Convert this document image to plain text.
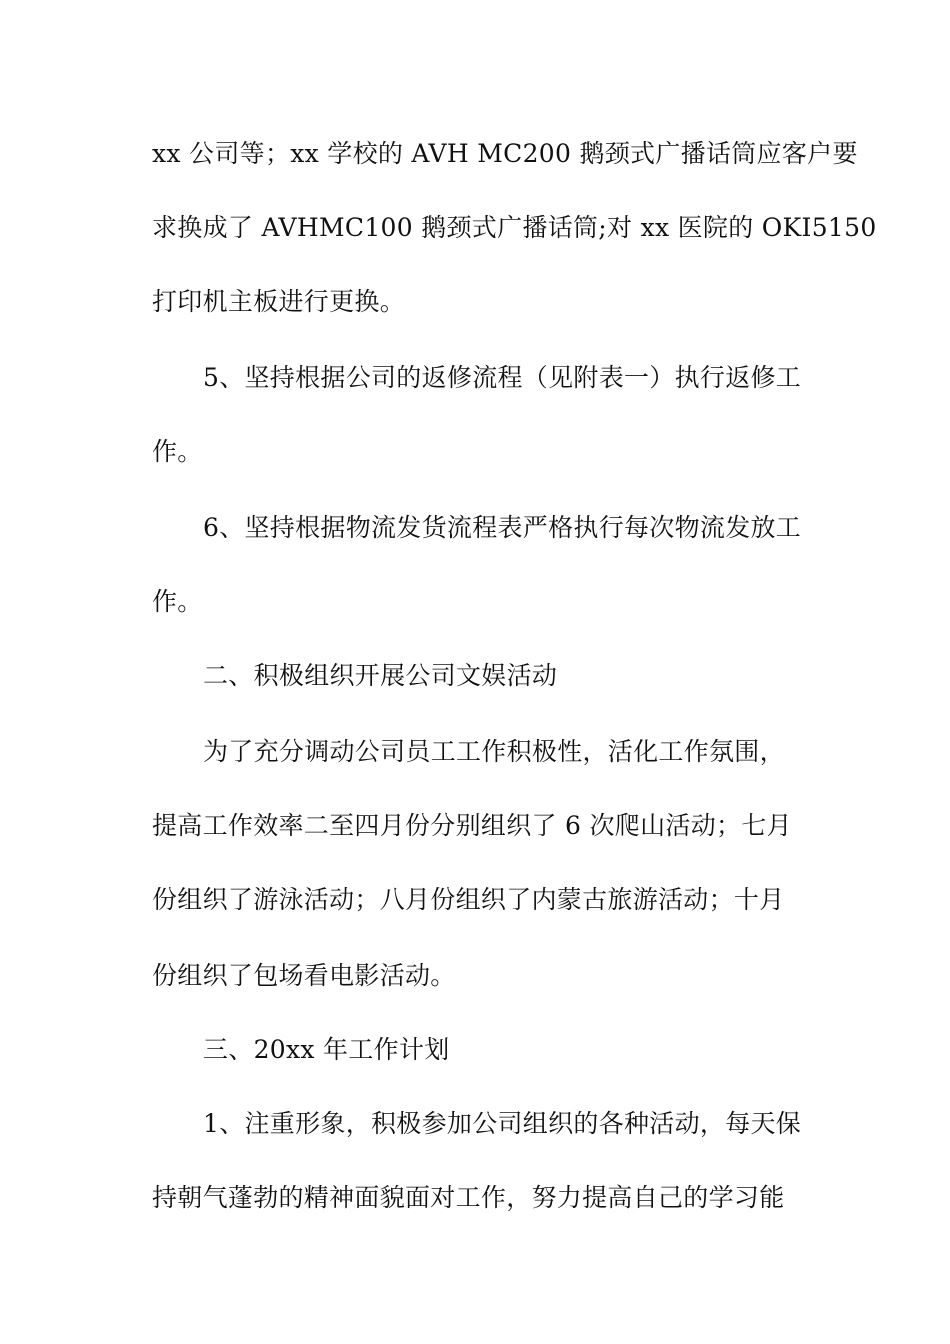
xx 公司等；xx 学校的 AVH MC200 鹅颈式广播话筒应客户要
求换成了 AVHMC100 鹅颈式广播话筒;对 xx 医院的 OKI5150
打印机主板进行更换。
5、坚持根据公司的返修流程（见附表一）执行返修工
作。
6、坚持根据物流发货流程表严格执行每次物流发放工
作。
二、积极组织开展公司文娱活动
为了充分调动公司员工工作积极性，活化工作氛围，
提高工作效率二至四月份分别组织了 6 次爬山活动；七月
份组织了游泳活动；八月份组织了内蒙古旅游活动；十月
份组织了包场看电影活动。
三、20xx 年工作计划
1、注重形象，积极参加公司组织的各种活动，每天保
持朝气蓬勃的精神面貌面对工作，努力提高自己的学习能
